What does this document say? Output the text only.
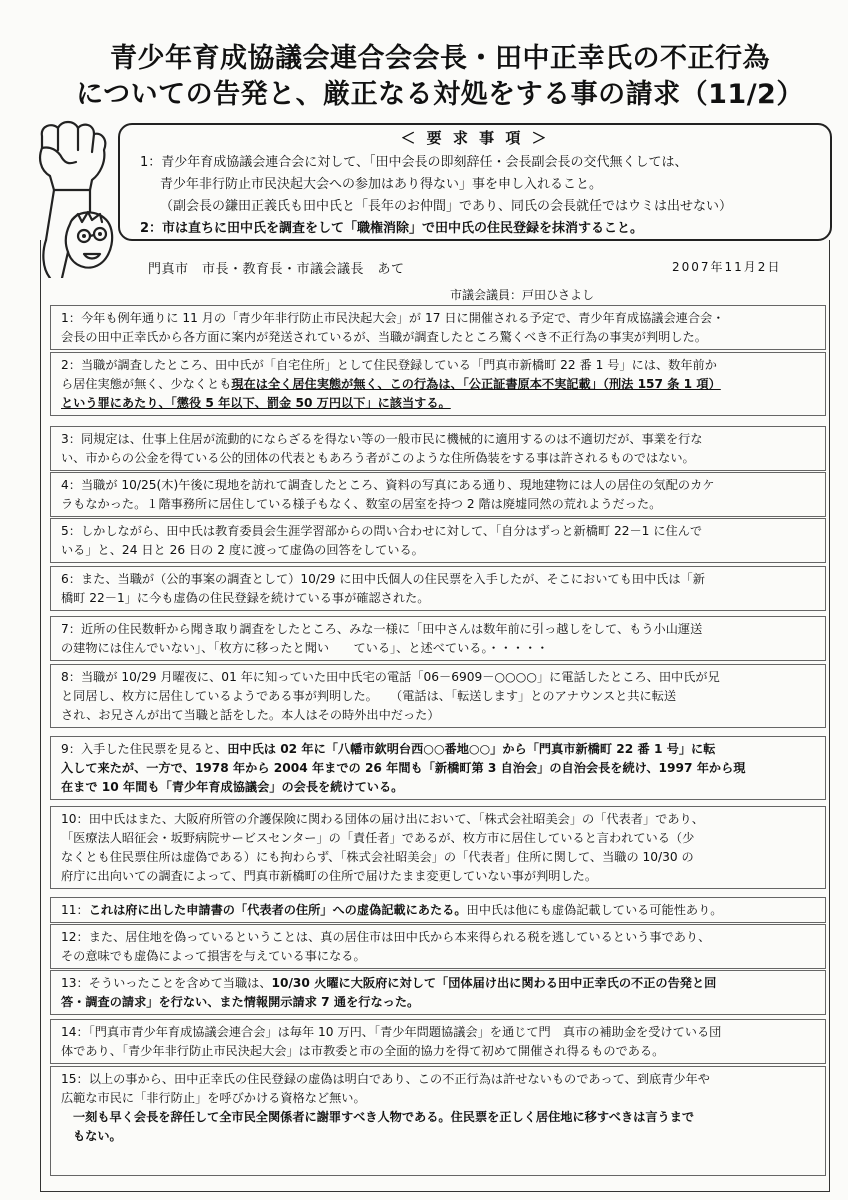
青少年育成協議会連合会会長・田中正幸氏の不正行為
についての告発と、厳正なる対処をする事の請求（11/2）
＜ 要 求 事 項 ＞
1：青少年育成協議会連合会に対して、「田中会長の即刻辞任・会長副会長の交代無くしては、
青少年非行防止市民決起大会への参加はあり得ない」事を申し入れること。
（副会長の鎌田正義氏も田中氏と「長年のお仲間」であり、同氏の会長就任ではウミは出せない）
2：市は直ちに田中氏を調査をして「職権消除」で田中氏の住民登録を抹消すること。
門真市　市長・教育長・市議会議長　あて	2007年11月2日
市議会議員：戸田ひさよし
1：今年も例年通りに 11 月の「青少年非行防止市民決起大会」が 17 日に開催される予定で、青少年育成協議会連合会・
会長の田中正幸氏から各方面に案内が発送されているが、当職が調査したところ驚くべき不正行為の事実が判明した。
2：当職が調査したところ、田中氏が「自宅住所」として住民登録している「門真市新橋町 22 番 1 号」には、数年前か
ら居住実態が無く、少なくとも現在は全く居住実態が無く、この行為は、「公正証書原本不実記載」（刑法 157 条 1 項）
という罪にあたり、「懲役 5 年以下、罰金 50 万円以下」に該当する。
3：同規定は、仕事上住居が流動的にならざるを得ない等の一般市民に機械的に適用するのは不適切だが、事業を行な
い、市からの公金を得ている公的団体の代表ともあろう者がこのような住所偽装をする事は許されるものではない。
4：当職が 10/25(木)午後に現地を訪れて調査したところ、資料の写真にある通り、現地建物には人の居住の気配のカケ
ラもなかった。１階事務所に居住している様子もなく、数室の居室を持つ 2 階は廃墟同然の荒れようだった。
5：しかしながら、田中氏は教育委員会生涯学習部からの問い合わせに対して、「自分はずっと新橋町 22－1 に住んで
いる」と、24 日と 26 日の 2 度に渡って虚偽の回答をしている。
6：また、当職が（公的事案の調査として）10/29 に田中氏個人の住民票を入手したが、そこにおいても田中氏は「新
橋町 22－1」に今も虚偽の住民登録を続けている事が確認された。
7：近所の住民数軒から聞き取り調査をしたところ、みな一様に「田中さんは数年前に引っ越しをして、もう小山運送
の建物には住んでいない」、「枚方に移ったと聞い　　ている」、と述べている。・・・・・
8：当職が 10/29 月曜夜に、01 年に知っていた田中氏宅の電話「06－6909－○○○○」に電話したところ、田中氏が兄
と同居し、枚方に居住しているようである事が判明した。　　（電話は、「転送します」とのアナウンスと共に転送
され、お兄さんが出て当職と話をした。本人はその時外出中だった）
9：入手した住民票を見ると、田中氏は 02 年に「八幡市欽明台西○○番地○○」から「門真市新橋町 22 番 1 号」に転
入して来たが、一方で、1978 年から 2004 年までの 26 年間も「新橋町第 3 自治会」の自治会長を続け、1997 年から現
在まで 10 年間も「青少年育成協議会」の会長を続けている。
10：田中氏はまた、大阪府所管の介護保険に関わる団体の届け出において、「株式会社昭美会」の「代表者」であり、
「医療法人昭征会・坂野病院サービスセンター」の「責任者」であるが、枚方市に居住していると言われている（少
なくとも住民票住所は虚偽である）にも拘わらず、「株式会社昭美会」の「代表者」住所に関して、当職の 10/30 の
府庁に出向いての調査によって、門真市新橋町の住所で届けたまま変更していない事が判明した。
11：これは府に出した申請書の「代表者の住所」への虚偽記載にあたる。田中氏は他にも虚偽記載している可能性あり。
12：また、居住地を偽っているということは、真の居住市は田中氏から本来得られる税を逃しているという事であり、
その意味でも虚偽によって損害を与えている事になる。
13：そういったことを含めて当職は、10/30 火曜に大阪府に対して「団体届け出に関わる田中正幸氏の不正の告発と回
答・調査の請求」を行ない、また情報開示請求 7 通を行なった。
14：「門真市青少年育成協議会連合会」は毎年 10 万円、「青少年問題協議会」を通じて門　真市の補助金を受けている団
体であり、「青少年非行防止市民決起大会」は市教委と市の全面的協力を得て初めて開催され得るものである。
15：以上の事から、田中正幸氏の住民登録の虚偽は明白であり、この不正行為は許せないものであって、到底青少年や
広範な市民に「非行防止」を呼びかける資格など無い。
一刻も早く会長を辞任して全市民全関係者に謝罪すべき人物である。住民票を正しく居住地に移すべきは言うまで
もない。
